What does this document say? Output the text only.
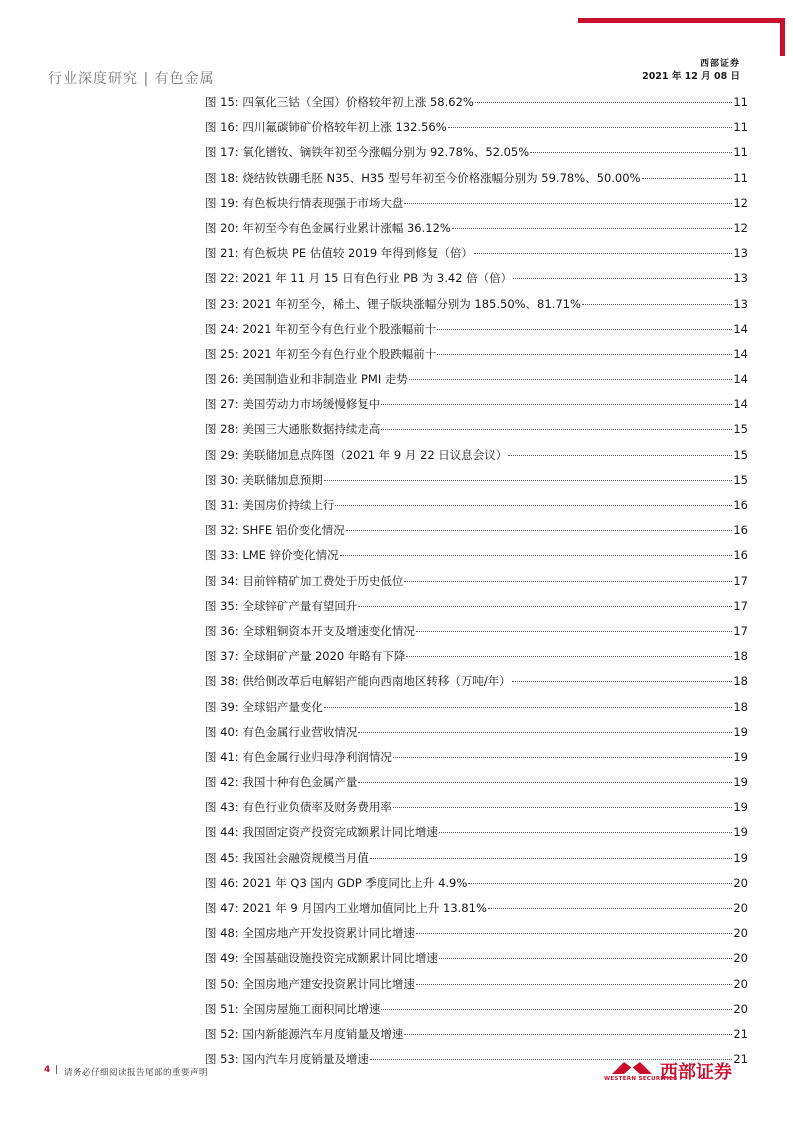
西部证券
2021 年 12 月 08 日
行业深度研究 | 有色金属
图 15: 四氧化三钴（全国）价格较年初上涨 58.62%	11
图 16: 四川氟碳铈矿价格较年初上涨 132.56%	11
图 17: 氧化镨钕、镝铁年初至今涨幅分别为 92.78%、52.05%	11
图 18: 烧结钕铁硼毛胚 N35、H35 型号年初至今价格涨幅分别为 59.78%、50.00%	11
图 19: 有色板块行情表现强于市场大盘	12
图 20: 年初至今有色金属行业累计涨幅 36.12%	12
图 21: 有色板块 PE 估值较 2019 年得到修复（倍）	13
图 22: 2021 年 11 月 15 日有色行业 PB 为 3.42 倍（倍）	13
图 23: 2021 年初至今，稀土、锂子版块涨幅分别为 185.50%、81.71%	13
图 24: 2021 年初至今有色行业个股涨幅前十	14
图 25: 2021 年初至今有色行业个股跌幅前十	14
图 26: 美国制造业和非制造业 PMI 走势	14
图 27: 美国劳动力市场缓慢修复中	14
图 28: 美国三大通胀数据持续走高	15
图 29: 美联储加息点阵图（2021 年 9 月 22 日议息会议）	15
图 30: 美联储加息预期	15
图 31: 美国房价持续上行	16
图 32: SHFE 铝价变化情况	16
图 33: LME 锌价变化情况	16
图 34: 目前锌精矿加工费处于历史低位	17
图 35: 全球锌矿产量有望回升	17
图 36: 全球粗铜资本开支及增速变化情况	17
图 37: 全球铜矿产量 2020 年略有下降	18
图 38: 供给侧改革后电解铝产能向西南地区转移（万吨/年）	18
图 39: 全球铝产量变化	18
图 40: 有色金属行业营收情况	19
图 41: 有色金属行业归母净利润情况	19
图 42: 我国十种有色金属产量	19
图 43: 有色行业负债率及财务费用率	19
图 44: 我国固定资产投资完成额累计同比增速	19
图 45: 我国社会融资规模当月值	19
图 46: 2021 年 Q3 国内 GDP 季度同比上升 4.9%	20
图 47: 2021 年 9 月国内工业增加值同比上升 13.81%	20
图 48: 全国房地产开发投资累计同比增速	20
图 49: 全国基础设施投资完成额累计同比增速	20
图 50: 全国房地产建安投资累计同比增速	20
图 51: 全国房屋施工面积同比增速	20
图 52: 国内新能源汽车月度销量及增速	21
图 53: 国内汽车月度销量及增速	21
4 | 请务必仔细阅读报告尾部的重要声明
WESTERN SECURITIES
西部证券
